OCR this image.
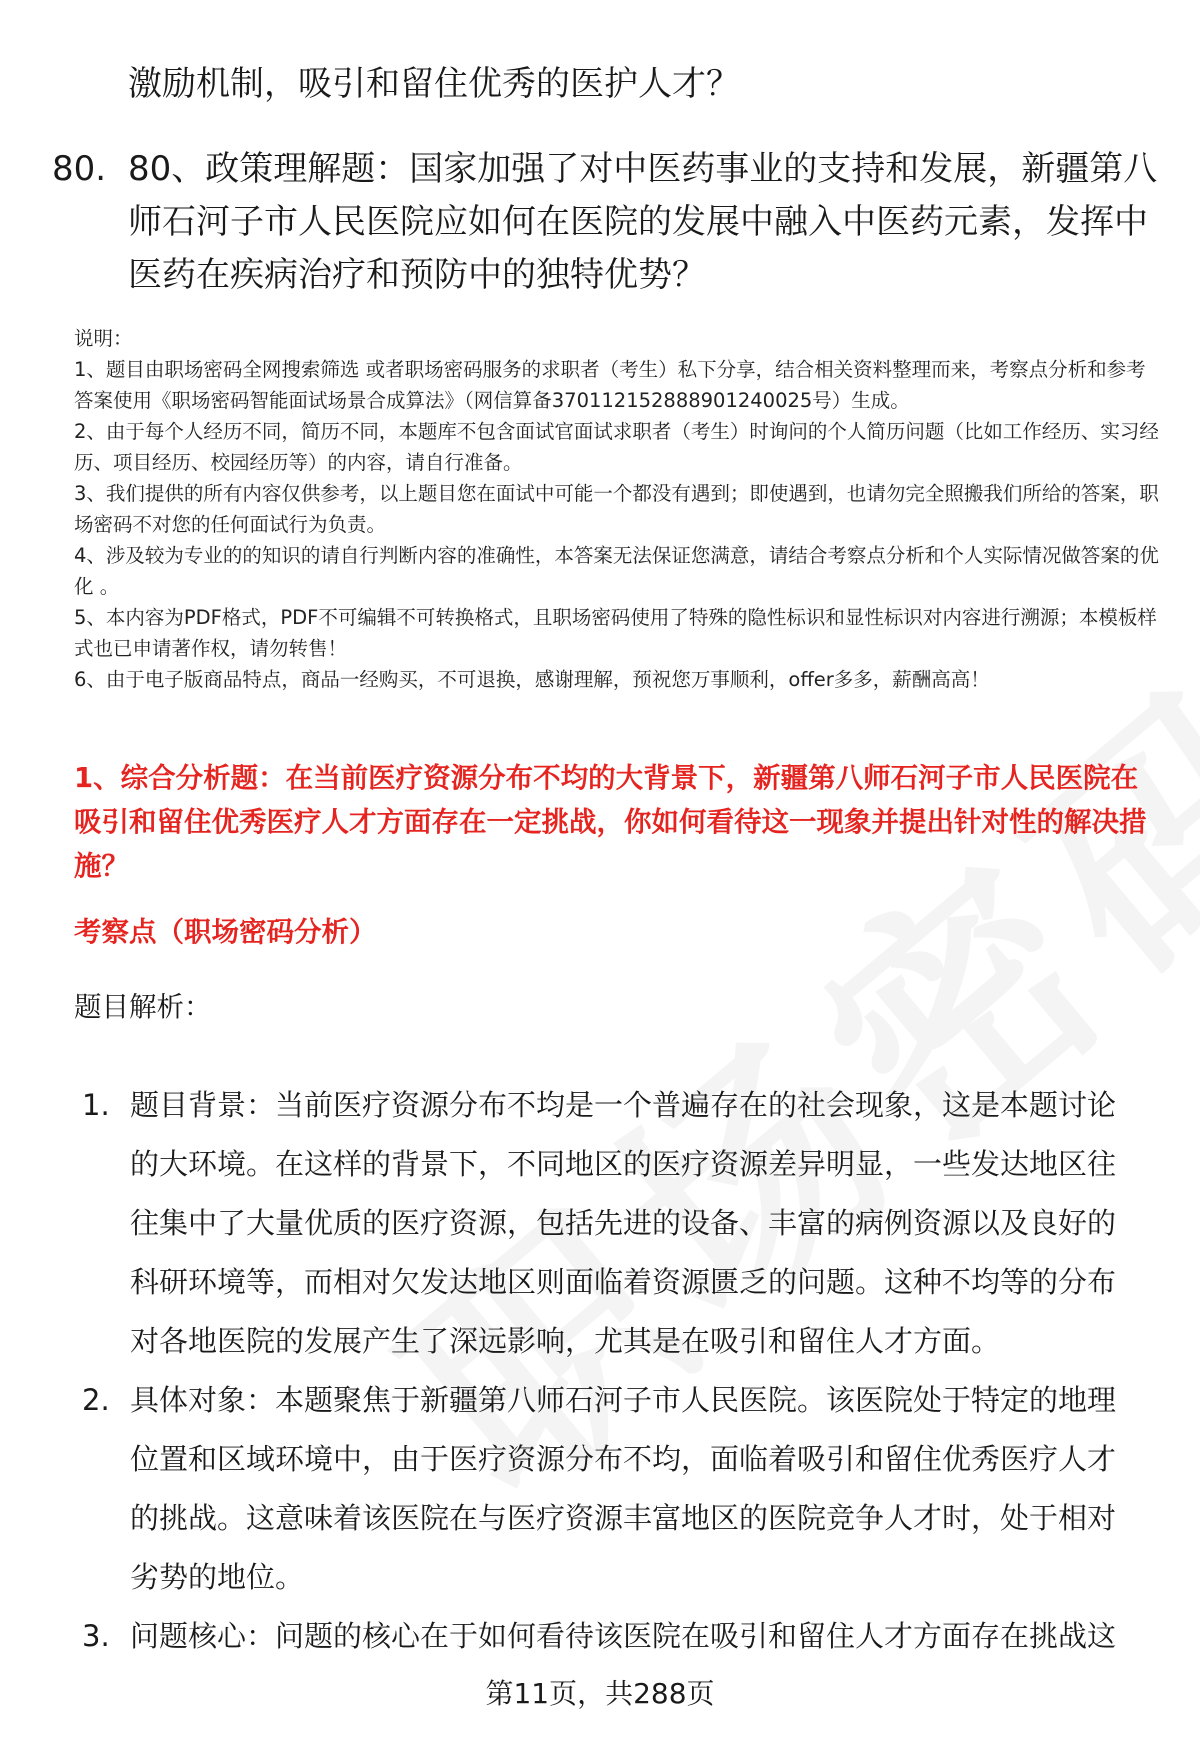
激励机制，吸引和留住优秀的医护人才？
80. 80、政策理解题：国家加强了对中医药事业的支持和发展，新疆第八师石河子市人民医院应如何在医院的发展中融入中医药元素，发挥中医药在疾病治疗和预防中的独特优势？

说明：

1、题目由职场密码全网搜索筛选 或者职场密码服务的求职者（考生）私下分享，结合相关资料整理而来，考察点分析和参考答案使用《职场密码智能面试场景合成算法》（网信算备370112152888901240025号）生成。

2、由于每个人经历不同，简历不同，本题库不包含面试官面试求职者（考生）时询问的个人简历问题（比如工作经历、实习经历、项目经历、校园经历等）的内容，请自行准备。

3、我们提供的所有内容仅供参考，以上题目您在面试中可能一个都没有遇到；即使遇到，也请勿完全照搬我们所给的答案，职场密码不对您的任何面试行为负责。

4、涉及较为专业的的知识的请自行判断内容的准确性，本答案无法保证您满意，请结合考察点分析和个人实际情况做答案的优化 。

5、本内容为PDF格式，PDF不可编辑不可转换格式，且职场密码使用了特殊的隐性标识和显性标识对内容进行溯源；本模板样式也已申请著作权，请勿转售！

6、由于电子版商品特点，商品一经购买，不可退换，感谢理解，预祝您万事顺利，offer多多，薪酬高高！

1、综合分析题：在当前医疗资源分布不均的大背景下，新疆第八师石河子市人民医院在吸引和留住优秀医疗人才方面存在一定挑战，你如何看待这一现象并提出针对性的解决措施？
考察点（职场密码分析）
题目解析：
1. 题目背景：当前医疗资源分布不均是一个普遍存在的社会现象，这是本题讨论的大环境。在这样的背景下，不同地区的医疗资源差异明显，一些发达地区往往集中了大量优质的医疗资源，包括先进的设备、丰富的病例资源以及良好的科研环境等，而相对欠发达地区则面临着资源匮乏的问题。这种不均等的分布对各地医院的发展产生了深远影响，尤其是在吸引和留住人才方面。
2. 具体对象：本题聚焦于新疆第八师石河子市人民医院。该医院处于特定的地理位置和区域环境中，由于医疗资源分布不均，面临着吸引和留住优秀医疗人才的挑战。这意味着该医院在与医疗资源丰富地区的医院竞争人才时，处于相对劣势的地位。
3. 问题核心：问题的核心在于如何看待该医院在吸引和留住人才方面存在挑战这
第11页，共288页
